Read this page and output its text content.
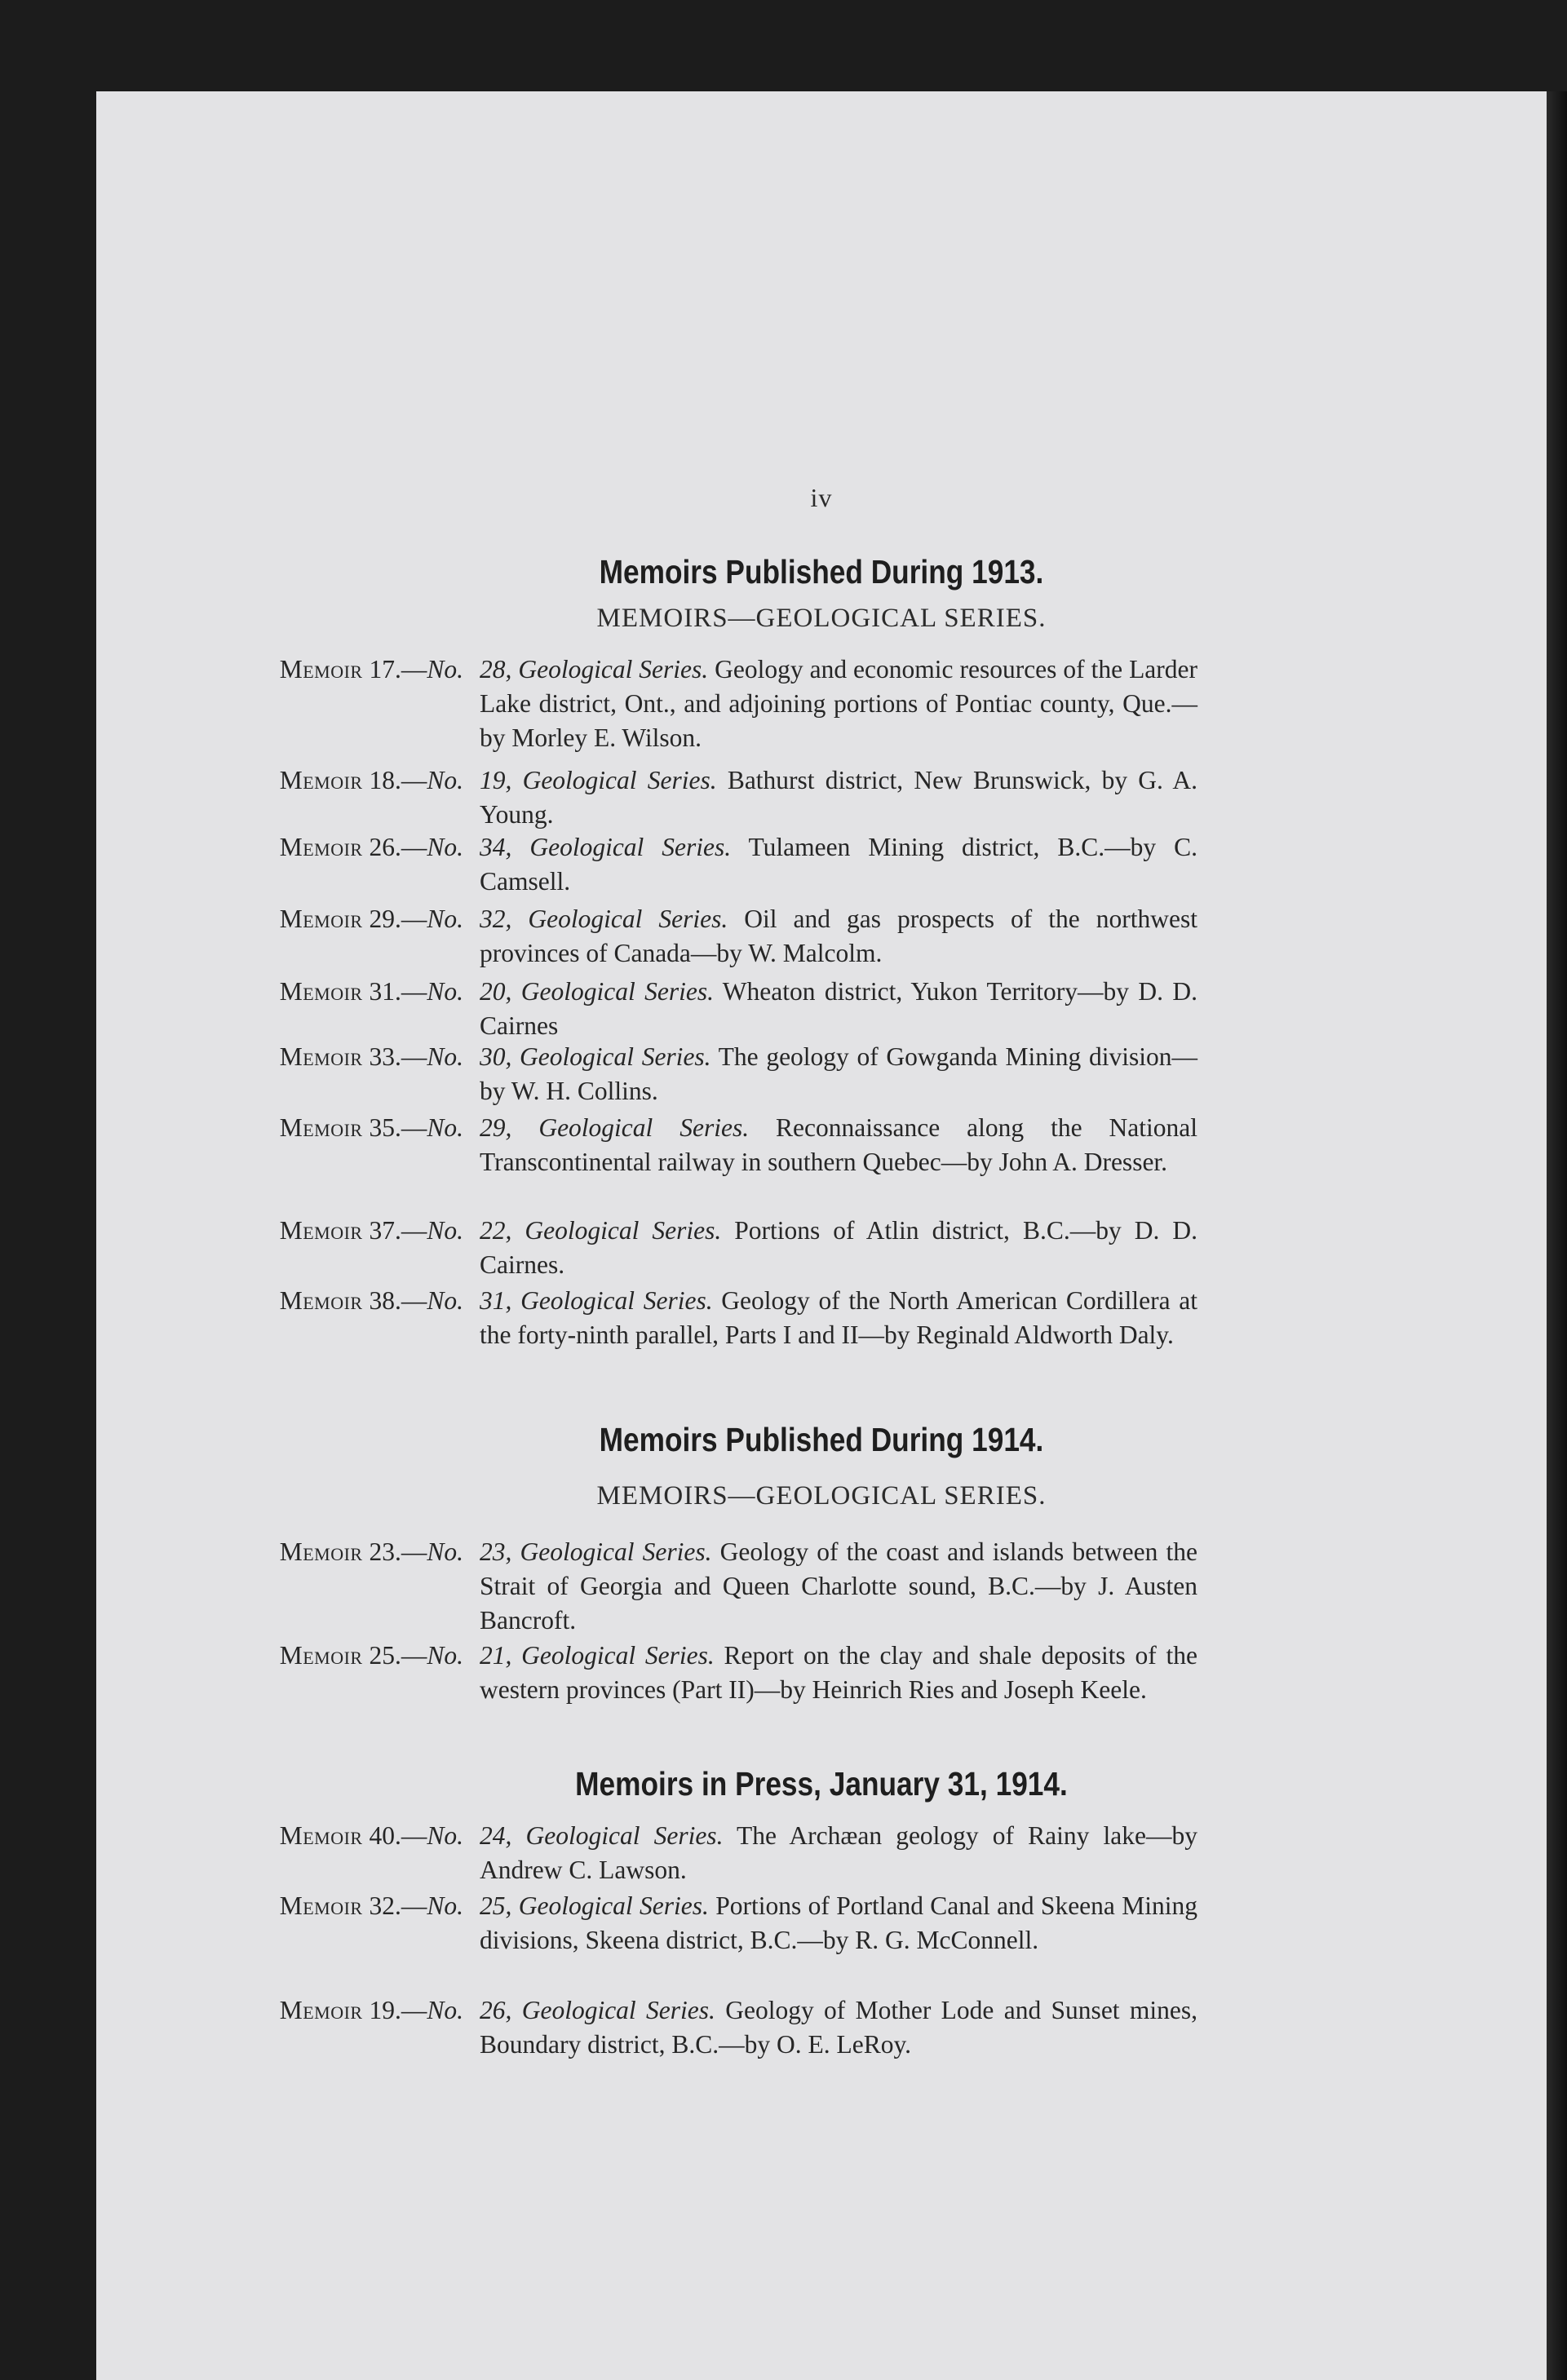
iv
Memoirs Published During 1913.
MEMOIRS—GEOLOGICAL SERIES.
Memoir 17.—No. 28, Geological Series. Geology and economic resources of the Larder Lake district, Ont., and adjoining portions of Pontiac county, Que.—by Morley E. Wilson.
Memoir 18.—No. 19, Geological Series. Bathurst district, New Brunswick, by G. A. Young.
Memoir 26.—No. 34, Geological Series. Tulameen Mining district, B.C.—by C. Camsell.
Memoir 29.—No. 32, Geological Series. Oil and gas prospects of the northwest provinces of Canada—by W. Malcolm.
Memoir 31.—No. 20, Geological Series. Wheaton district, Yukon Territory—by D. D. Cairnes
Memoir 33.—No. 30, Geological Series. The geology of Gowganda Mining division—by W. H. Collins.
Memoir 35.—No. 29, Geological Series. Reconnaissance along the National Transcontinental railway in southern Quebec—by John A. Dresser.
Memoir 37.—No. 22, Geological Series. Portions of Atlin district, B.C.—by D. D. Cairnes.
Memoir 38.—No. 31, Geological Series. Geology of the North American Cordillera at the forty-ninth parallel, Parts I and II—by Reginald Aldworth Daly.
Memoirs Published During 1914.
MEMOIRS—GEOLOGICAL SERIES.
Memoir 23.—No. 23, Geological Series. Geology of the coast and islands between the Strait of Georgia and Queen Charlotte sound, B.C.—by J. Austen Bancroft.
Memoir 25.—No. 21, Geological Series. Report on the clay and shale deposits of the western provinces (Part II)—by Heinrich Ries and Joseph Keele.
Memoirs in Press, January 31, 1914.
Memoir 40.—No. 24, Geological Series. The Archæan geology of Rainy lake—by Andrew C. Lawson.
Memoir 32.—No. 25, Geological Series. Portions of Portland Canal and Skeena Mining divisions, Skeena district, B.C.—by R. G. McConnell.
Memoir 19.—No. 26, Geological Series. Geology of Mother Lode and Sunset mines, Boundary district, B.C.—by O. E. LeRoy.
